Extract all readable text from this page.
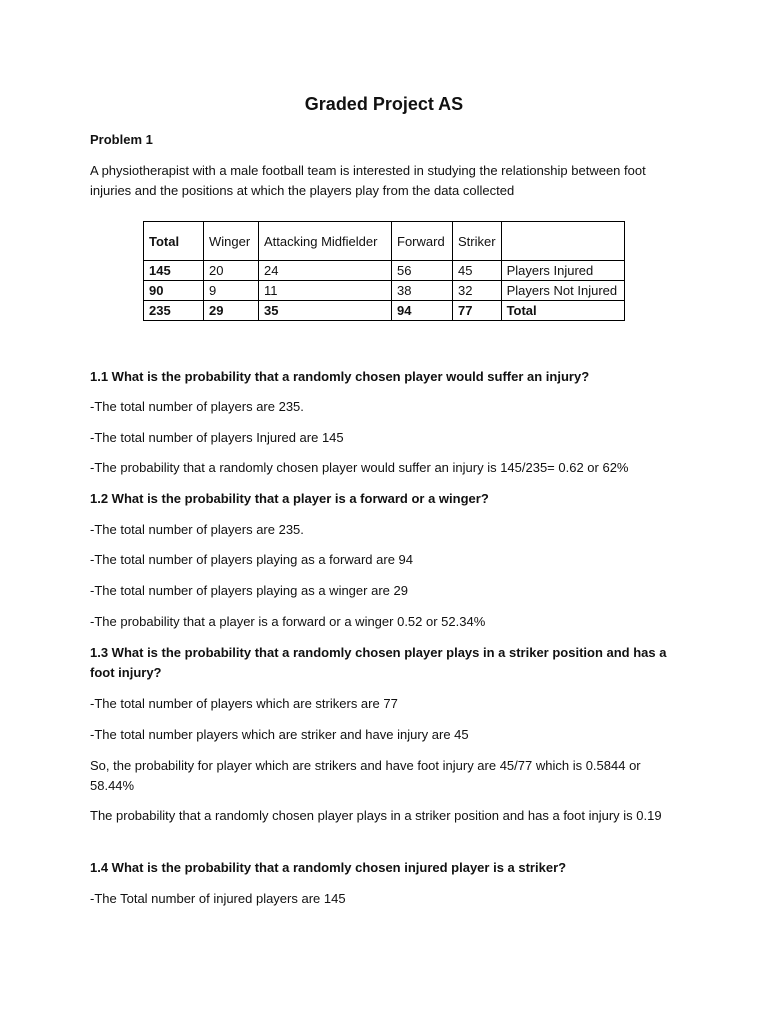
Graded Project AS

Problem 1

A physiotherapist with a male football team is interested in studying the relationship between foot injuries and the positions at which the players play from the data collected

Total	Winger	Attacking Midfielder	Forward	Striker	
145	20	24	56	45	Players Injured
90	9	11	38	32	Players Not Injured
235	29	35	94	77	Total

1.1 What is the probability that a randomly chosen player would suffer an injury?

-The total number of players are 235.

-The total number of players Injured are 145

-The probability that a randomly chosen player would suffer an injury is 145/235= 0.62 or 62%

1.2 What is the probability that a player is a forward or a winger?

-The total number of players are 235.

-The total number of players playing as a forward are 94

-The total number of players playing as a winger are 29

-The probability that a player is a forward or a winger 0.52 or 52.34%

1.3 What is the probability that a randomly chosen player plays in a striker position and has a foot injury?

-The total number of players which are strikers are 77

-The total number players which are striker and have injury are 45

So, the probability for player which are strikers and have foot injury are 45/77 which is 0.5844 or 58.44%

The probability that a randomly chosen player plays in a striker position and has a foot injury is 0.19

1.4 What is the probability that a randomly chosen injured player is a striker?

-The Total number of injured players are 145
